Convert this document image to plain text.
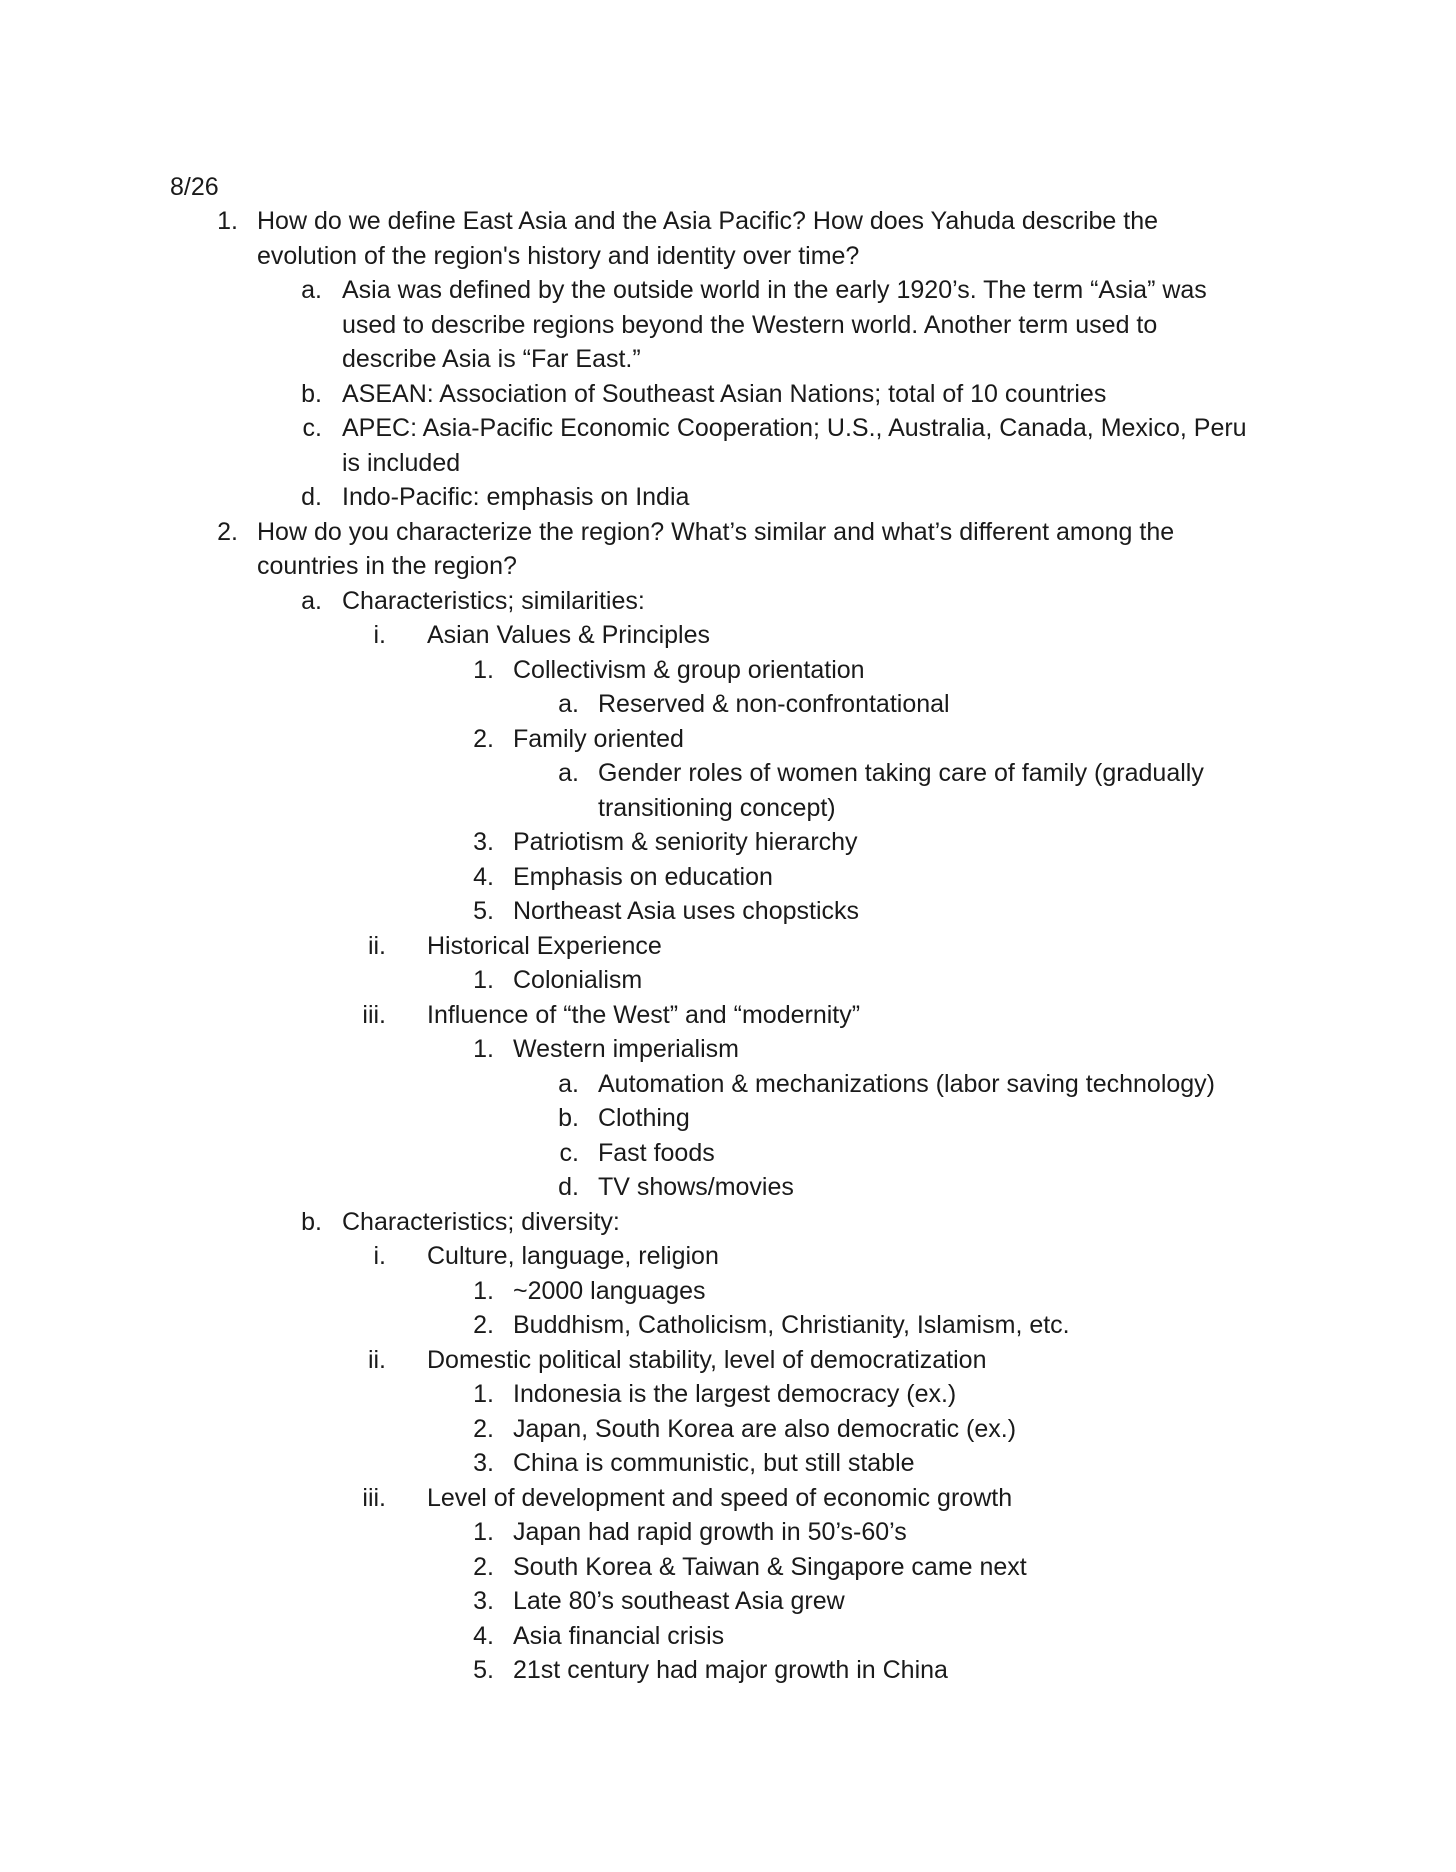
8/26
1. How do we define East Asia and the Asia Pacific? How does Yahuda describe the evolution of the region's history and identity over time?
a. Asia was defined by the outside world in the early 1920’s. The term “Asia” was used to describe regions beyond the Western world. Another term used to describe Asia is “Far East.”
b. ASEAN: Association of Southeast Asian Nations; total of 10 countries
c. APEC: Asia-Pacific Economic Cooperation; U.S., Australia, Canada, Mexico, Peru is included
d. Indo-Pacific: emphasis on India
2. How do you characterize the region? What’s similar and what’s different among the countries in the region?
a. Characteristics; similarities:
i. Asian Values & Principles
1. Collectivism & group orientation
a. Reserved & non-confrontational
2. Family oriented
a. Gender roles of women taking care of family (gradually transitioning concept)
3. Patriotism & seniority hierarchy
4. Emphasis on education
5. Northeast Asia uses chopsticks
ii. Historical Experience
1. Colonialism
iii. Influence of “the West” and “modernity”
1. Western imperialism
a. Automation & mechanizations (labor saving technology)
b. Clothing
c. Fast foods
d. TV shows/movies
b. Characteristics; diversity:
i. Culture, language, religion
1. ~2000 languages
2. Buddhism, Catholicism, Christianity, Islamism, etc.
ii. Domestic political stability, level of democratization
1. Indonesia is the largest democracy (ex.)
2. Japan, South Korea are also democratic (ex.)
3. China is communistic, but still stable
iii. Level of development and speed of economic growth
1. Japan had rapid growth in 50’s-60’s
2. South Korea & Taiwan & Singapore came next
3. Late 80’s southeast Asia grew
4. Asia financial crisis
5. 21st century had major growth in China
